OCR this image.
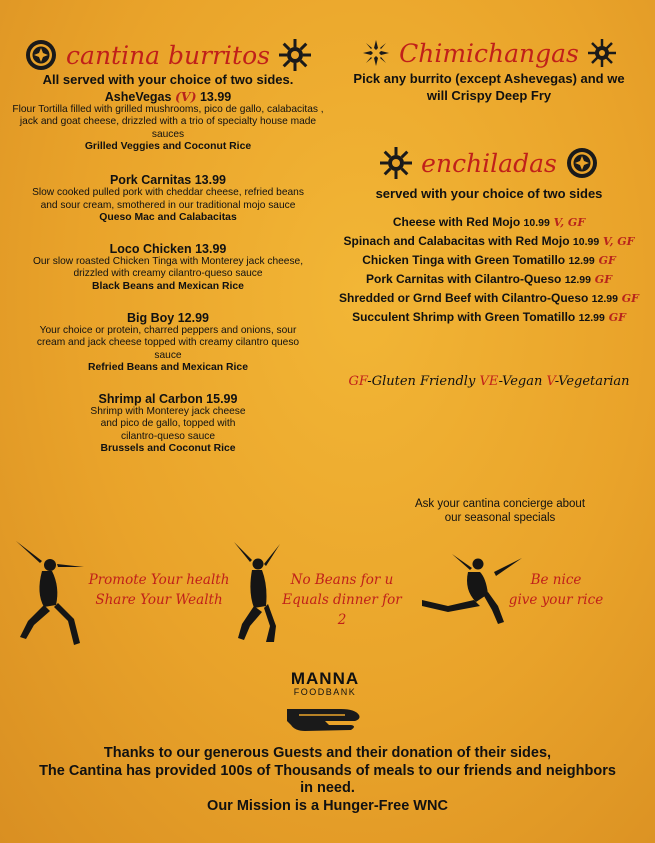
cantina burritos
All served with your choice of two sides.
AsheVegas (V) 13.99
Flour Tortilla filled with grilled mushrooms, pico de gallo, calabacitas , jack and goat cheese, drizzled with a trio of specialty house made sauces
Grilled Veggies and Coconut Rice
Pork Carnitas 13.99
Slow cooked pulled pork with cheddar cheese, refried beans and sour cream, smothered in our traditional mojo sauce
Queso Mac and Calabacitas
Loco Chicken 13.99
Our slow roasted Chicken Tinga with Monterey jack cheese, drizzled with creamy cilantro-queso sauce
Black Beans and Mexican Rice
Big Boy 12.99
Your choice or protein, charred peppers and onions, sour cream and jack cheese topped with creamy cilantro queso sauce
Refried Beans and Mexican Rice
Shrimp al Carbon 15.99
Shrimp with Monterey jack cheese and pico de gallo, topped with cilantro-queso sauce
Brussels and Coconut Rice
Chimichangas
Pick any burrito (except Ashevegas) and we
will Crispy Deep Fry
enchiladas
served with your choice of two sides
Cheese with Red Mojo 10.99 V, GF
Spinach and Calabacitas with Red Mojo 10.99 V, GF
Chicken Tinga with Green Tomatillo 12.99 GF
Pork Carnitas with Cilantro-Queso 12.99 GF
Shredded or Grnd Beef with Cilantro-Queso 12.99 GF
Succulent Shrimp with Green Tomatillo 12.99 GF
GF-Gluten Friendly VE-Vegan V-Vegetarian
Ask your cantina concierge about
our seasonal specials
Promote Your health
Share Your Wealth
No Beans for u
Equals dinner for 2
Be nice
give your rice
MANNA
FOODBANK
Thanks to our generous Guests and their donation of their sides,
The Cantina has provided 100s of Thousands of meals to our friends and neighbors
in need.
Our Mission is a Hunger-Free WNC
